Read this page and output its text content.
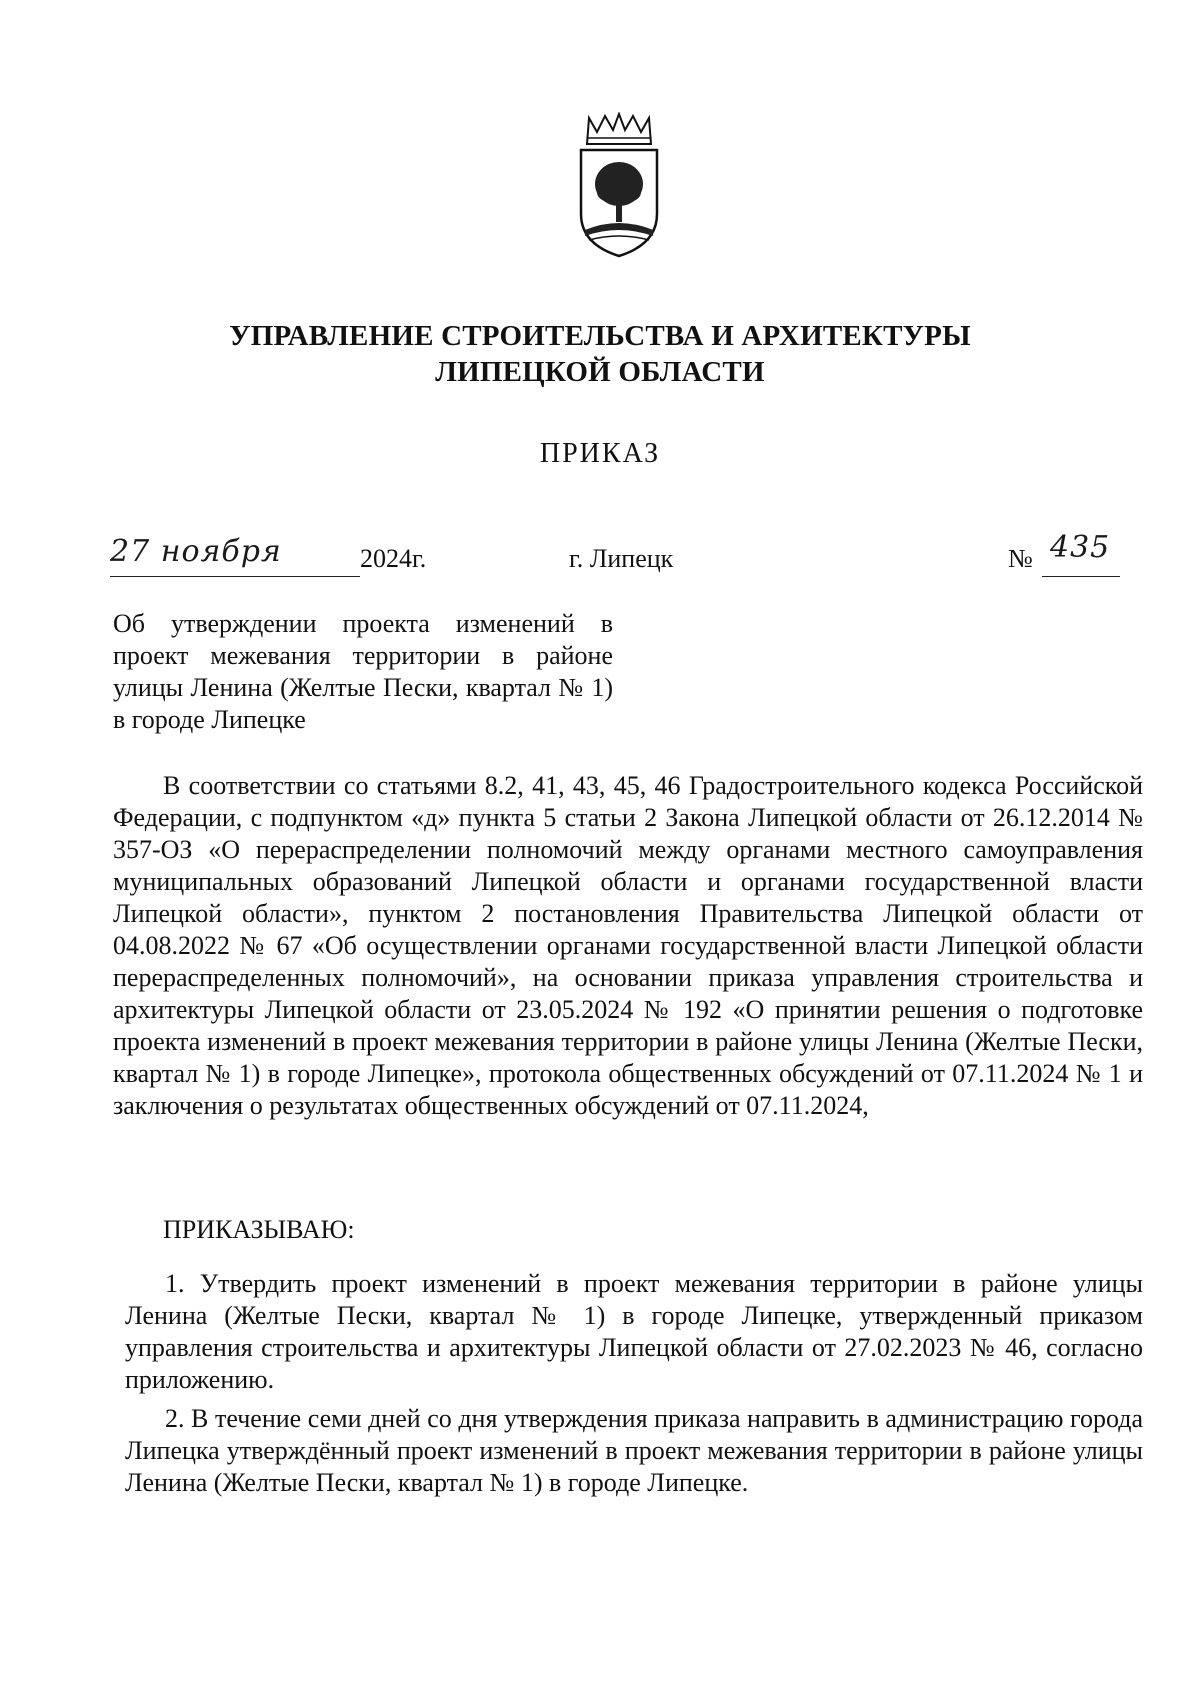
УПРАВЛЕНИЕ СТРОИТЕЛЬСТВА И АРХИТЕКТУРЫ
ЛИПЕЦКОЙ ОБЛАСТИ
ПРИКАЗ
27 ноября	2024г.	г. Липецк	№ 435
Об утверждении проекта изменений в проект межевания территории в районе улицы Ленина (Желтые Пески, квартал № 1) в городе Липецке
В соответствии со статьями 8.2, 41, 43, 45, 46 Градостроительного кодекса Российской Федерации, с подпунктом «д» пункта 5 статьи 2 Закона Липецкой области от 26.12.2014 № 357-ОЗ «О перераспределении полномочий между органами местного самоуправления муниципальных образований Липецкой области и органами государственной власти Липецкой области», пунктом 2 постановления Правительства Липецкой области от 04.08.2022 № 67 «Об осуществлении органами государственной власти Липецкой области перераспределенных полномочий», на основании приказа управления строительства и архитектуры Липецкой области от 23.05.2024 № 192 «О принятии решения о подготовке проекта изменений в проект межевания территории в районе улицы Ленина (Желтые Пески, квартал № 1) в городе Липецке», протокола общественных обсуждений от 07.11.2024 № 1 и заключения о результатах общественных обсуждений от 07.11.2024,
ПРИКАЗЫВАЮ:
1. Утвердить проект изменений в проект межевания территории в районе улицы Ленина (Желтые Пески, квартал № 1) в городе Липецке, утвержденный приказом управления строительства и архитектуры Липецкой области от 27.02.2023 № 46, согласно приложению.
2. В течение семи дней со дня утверждения приказа направить в администрацию города Липецка утверждённый проект изменений в проект межевания территории в районе улицы Ленина (Желтые Пески, квартал № 1) в городе Липецке.
